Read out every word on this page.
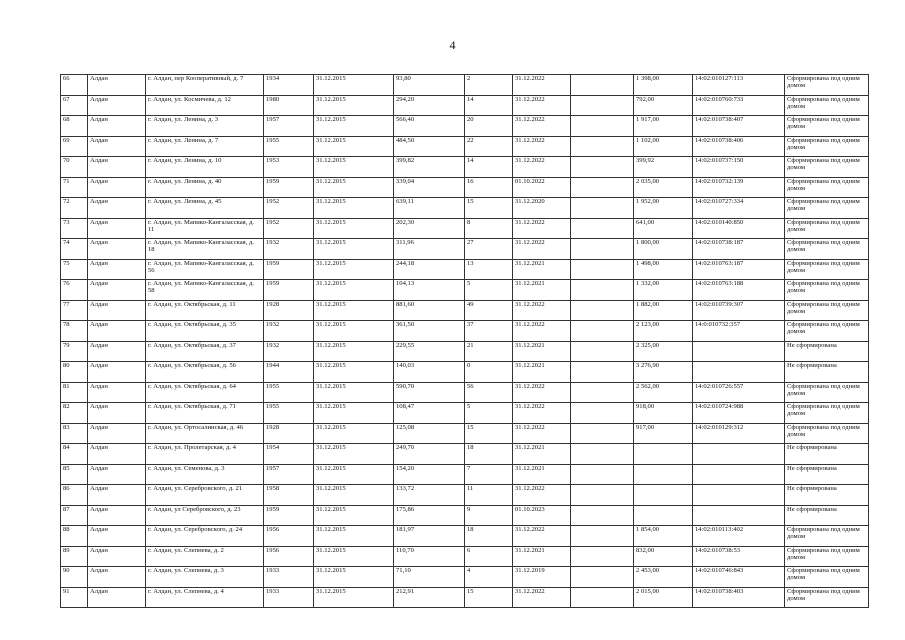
4
66	Алдан	г. Алдан, пер Кооперативный, д. 7	1934	31.12.2015	93,80	2	31.12.2022		1 398,00	14:02:010127:113	Сформирована под одним домом
67	Алдан	г. Алдан, ул. Космичева, д. 12	1980	31.12.2015	294,20	14	31.12.2022		792,00	14:02:010760:733	Сформирована под одним домом
68	Алдан	г. Алдан, ул. Ленина, д. 3	1957	31.12.2015	566,40	20	31.12.2022		1 917,00	14:02:010738:407	Сформирована под одним домом
69	Алдан	г. Алдан, ул. Ленина, д. 7	1955	31.12.2015	484,50	22	31.12.2022		1 102,00	14:02:010738:406	Сформирована под одним домом
70	Алдан	г. Алдан, ул. Ленина, д. 10	1953	31.12.2015	399,82	14	31.12.2022		399,92	14:02:010737:150	Сформирована под одним домом
71	Алдан	г. Алдан, ул. Ленина, д. 40	1959	31.12.2015	339,04	16	01.10.2022		2 035,00	14:02:010732:139	Сформирована под одним домом
72	Алдан	г. Алдан, ул. Ленина, д. 45	1952	31.12.2015	639,11	15	31.12.2020		1 952,00	14:02:010727:334	Сформирована под одним домом
73	Алдан	г. Алдан, ул. Мапико-Кангаласская, д. 11	1952	31.12.2015	202,30	8	31.12.2022		641,00	14:02:010140:850	Сформирована под одним домом
74	Алдан	г. Алдан, ул. Мапико-Кангаласская, д. 18	1932	31.12.2015	311,96	27	31.12.2022		1 800,00	14:02:010738:187	Сформирована под одним домом
75	Алдан	г. Алдан, ул. Мапико-Кангаласская, д. 56	1959	31.12.2015	244,18	13	31.12.2021		1 498,00	14:02:010763:187	Сформирована под одним домом
76	Алдан	г. Алдан, ул. Мапико-Кангаласская, д. 58	1959	31.12.2015	104,13	5	31.12.2021		1 332,00	14:02:010763:188	Сформирована под одним домом
77	Алдан	г. Алдан, ул. Октябрьская, д. 11	1928	31.12.2015	881,60	49	31.12.2022		1 882,00	14:02:010739:307	Сформирована под одним домом
78	Алдан	г. Алдан, ул. Октябрьская, д. 35	1932	31.12.2015	361,50	37	31.12.2022		2 123,00	14:0:010732:357	Сформирована под одним домом
79	Алдан	г. Алдан, ул. Октябрьская, д. 37	1932	31.12.2015	229,55	21	31.12.2021		2 325,00		Не сформирована
80	Алдан	г. Алдан, ул. Октябрьская, д. 56	1944	31.12.2015	140,03	0	31.12.2021		3 276,90		Не сформирована
81	Алдан	г. Алдан, ул. Октябрьская, д. 64	1955	31.12.2015	590,70	56	31.12.2022		2 562,00	14:02:010726:557	Сформирована под одним домом
82	Алдан	г. Алдан, ул. Октябрьская, д. 71	1955	31.12.2015	108,47	5	31.12.2022		918,00	14:02:010724:988	Сформирована под одним домом
83	Алдан	г. Алдан, ул. Ортосалинская, д. 46	1928	31.12.2015	125,08	15	31.12.2022		917,00	14:02:010129:312	Сформирована под одним домом
84	Алдан	г. Алдан, ул. Пролетарская, д. 4	1954	31.12.2015	249,70	18	31.12.2021				Не сформирована
85	Алдан	г. Алдан, ул. Семенова, д. 3	1957	31.12.2015	154,20	7	31.12.2021				Не сформирована
86	Алдан	г. Алдан, ул. Серебровского, д. 21	1958	31.12.2015	133,72	11	31.12.2022				Не сформирована
87	Алдан	г. Алдан, ул Серебровского, д. 23	1959	31.12.2015	175,86	9	01.10.2023				Не сформирована
88	Алдан	г. Алдан, ул. Серебровского, д. 24	1956	31.12.2015	181,97	18	31.12.2022		1 854,00	14:02:010113:402	Сформирована под одним домом
89	Алдан	г. Алдан, ул. Слепнева, д. 2	1956	31.12.2015	110,70	6	31.12.2021		832,00	14:02:010738:53	Сформирована под одним домом
90	Алдан	г. Алдан, ул. Слепнева, д. 3	1933	31.12.2015	71,10	4	31.12.2019		2 453,00	14:02:010746:843	Сформирована под одним домом
91	Алдан	г. Алдан, ул. Слепнева, д. 4	1933	31.12.2015	212,91	15	31.12.2022		2 015,00	14:02:010738:403	Сформирована под одним домом
